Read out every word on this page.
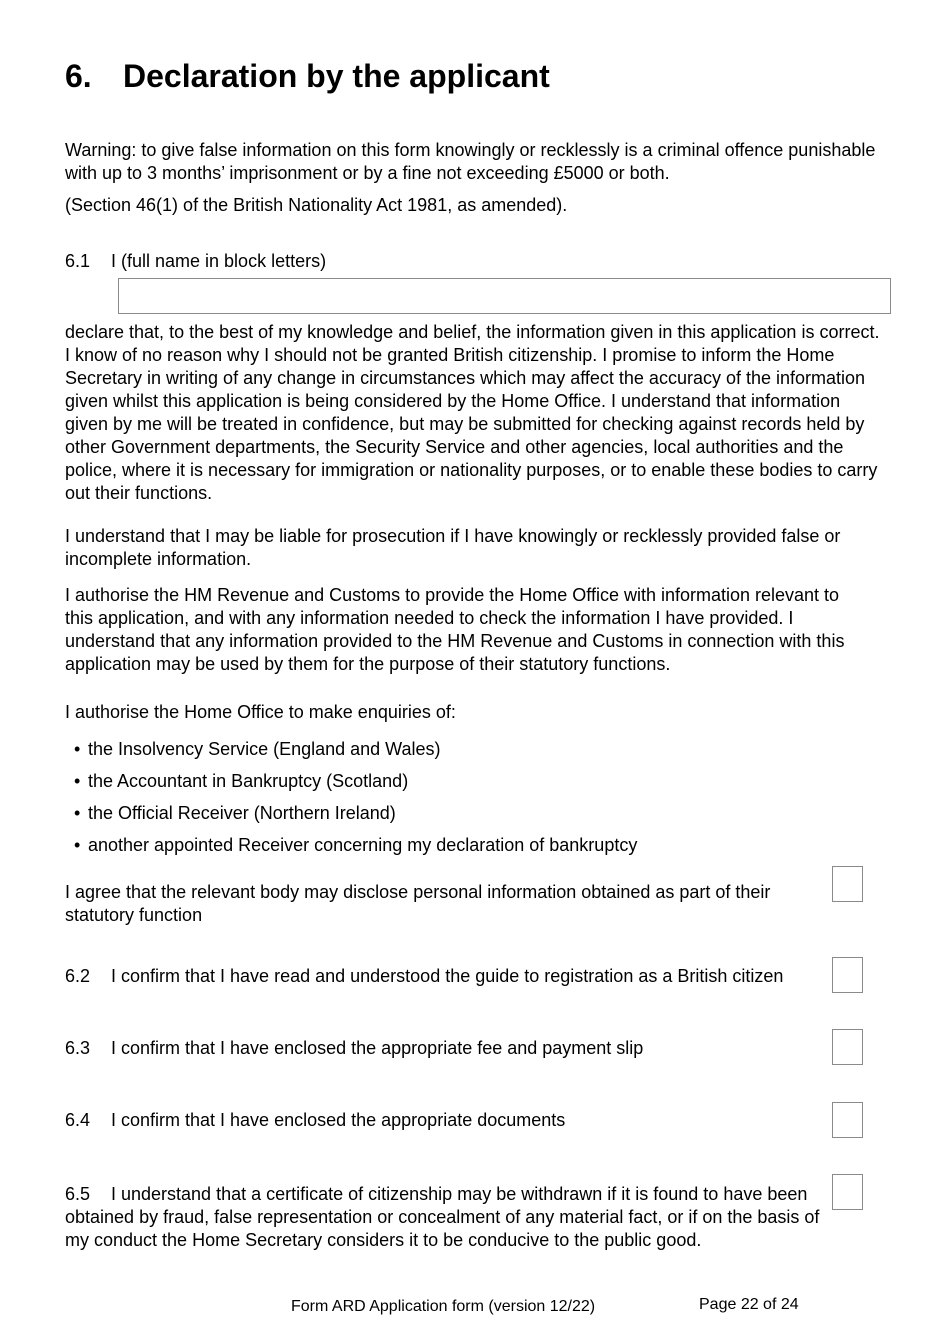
6. Declaration by the applicant
Warning: to give false information on this form knowingly or recklessly is a criminal offence punishable with up to 3 months’ imprisonment or by a fine not exceeding £5000 or both.
(Section 46(1) of the British Nationality Act 1981, as amended).
6.1 I (full name in block letters)
declare that, to the best of my knowledge and belief, the information given in this application is correct. I know of no reason why I should not be granted British citizenship. I promise to inform the Home Secretary in writing of any change in circumstances which may affect the accuracy of the information given whilst this application is being considered by the Home Office. I understand that information given by me will be treated in confidence, but may be submitted for checking against records held by other Government departments, the Security Service and other agencies, local authorities and the police, where it is necessary for immigration or nationality purposes, or to enable these bodies to carry out their functions.
I understand that I may be liable for prosecution if I have knowingly or recklessly provided false or incomplete information.
I authorise the HM Revenue and Customs to provide the Home Office with information relevant to this application, and with any information needed to check the information I have provided. I understand that any information provided to the HM Revenue and Customs in connection with this application may be used by them for the purpose of their statutory functions.
I authorise the Home Office to make enquiries of:
• the Insolvency Service (England and Wales)
• the Accountant in Bankruptcy (Scotland)
• the Official Receiver (Northern Ireland)
• another appointed Receiver concerning my declaration of bankruptcy
I agree that the relevant body may disclose personal information obtained as part of their statutory function
6.2 I confirm that I have read and understood the guide to registration as a British citizen
6.3 I confirm that I have enclosed the appropriate fee and payment slip
6.4 I confirm that I have enclosed the appropriate documents
6.5 I understand that a certificate of citizenship may be withdrawn if it is found to have been obtained by fraud, false representation or concealment of any material fact, or if on the basis of my conduct the Home Secretary considers it to be conducive to the public good.
Form ARD Application form (version 12/22)	Page 22 of 24
